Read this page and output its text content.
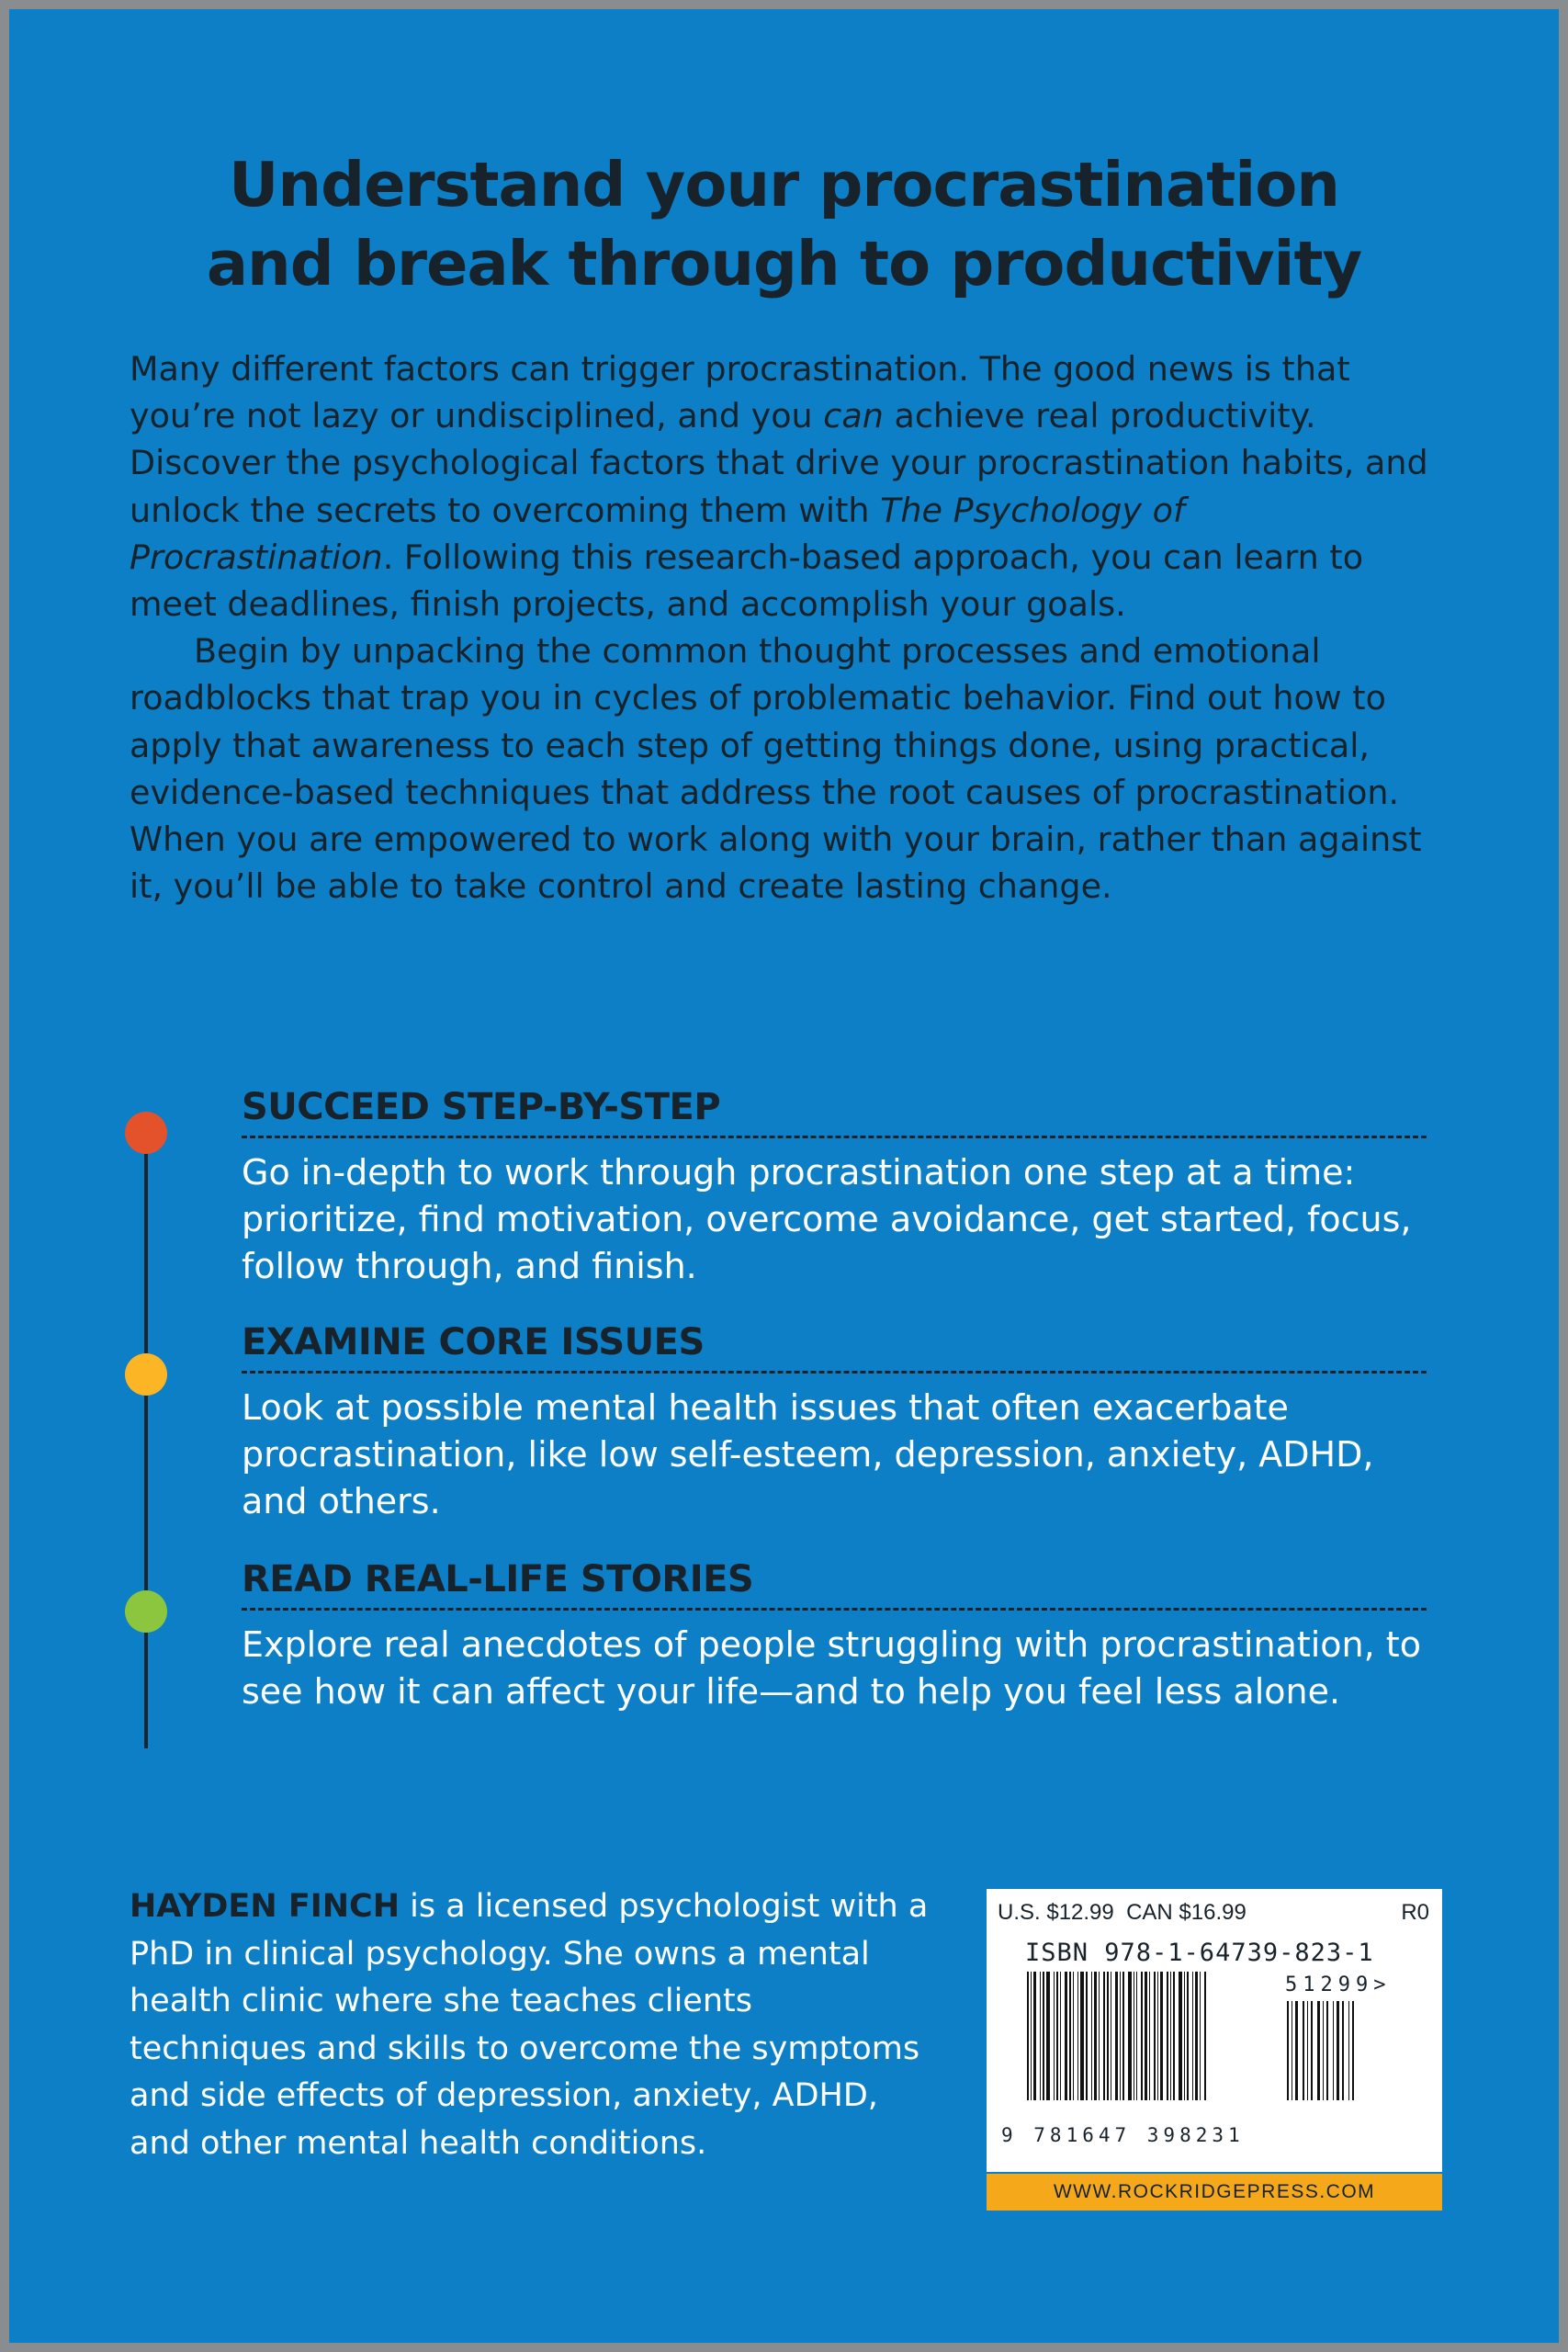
Understand your procrastination
and break through to productivity

Many different factors can trigger procrastination. The good news is that you’re not lazy or undisciplined, and you can achieve real productivity. Discover the psychological factors that drive your procrastination habits, and unlock the secrets to overcoming them with The Psychology of Procrastination. Following this research-based approach, you can learn to meet deadlines, finish projects, and accomplish your goals.

Begin by unpacking the common thought processes and emotional roadblocks that trap you in cycles of problematic behavior. Find out how to apply that awareness to each step of getting things done, using practical, evidence-based techniques that address the root causes of procrastination. When you are empowered to work along with your brain, rather than against it, you’ll be able to take control and create lasting change.

SUCCEED STEP-BY-STEP

Go in-depth to work through procrastination one step at a time: prioritize, find motivation, overcome avoidance, get started, focus, follow through, and finish.

EXAMINE CORE ISSUES

Look at possible mental health issues that often exacerbate procrastination, like low self-esteem, depression, anxiety, ADHD, and others.

READ REAL-LIFE STORIES

Explore real anecdotes of people struggling with procrastination, to see how it can affect your life—and to help you feel less alone.

HAYDEN FINCH is a licensed psychologist with a PhD in clinical psychology. She owns a mental health clinic where she teaches clients techniques and skills to overcome the symptoms and side effects of depression, anxiety, ADHD, and other mental health conditions.

U.S. $12.99 CAN $16.99	R0
ISBN 978-1-64739-823-1
51299>
9 781647 398231
WWW.ROCKRIDGEPRESS.COM
